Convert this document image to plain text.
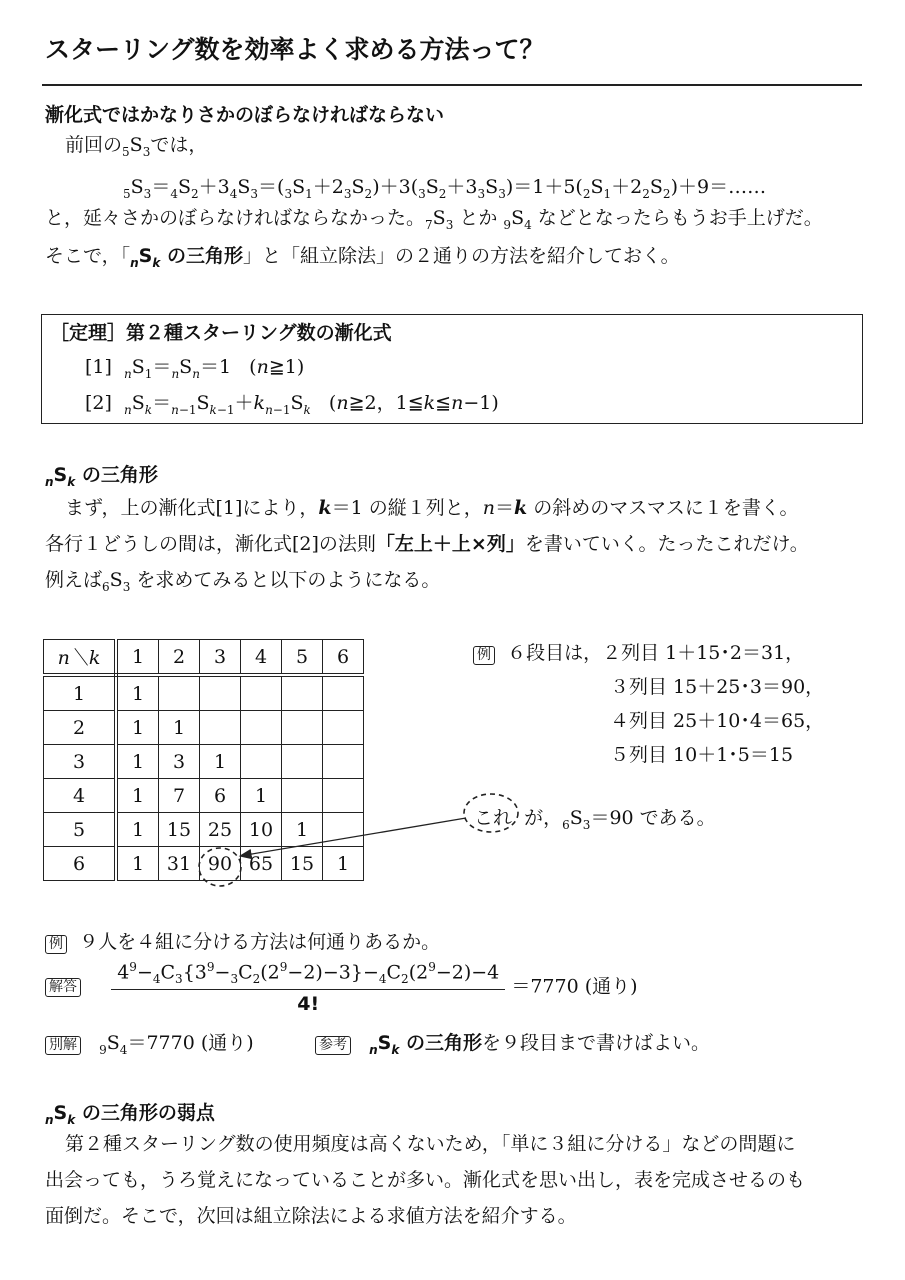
スターリング数を効率よく求める方法って？
漸化式ではかなりさかのぼらなければならない
前回の$_5S_3$では，
$_5S_3=_4S_2+3_4S_3=(_3S_1+2_3S_2)+3(_3S_2+3_3S_3)=1+5(_2S_1+2_2S_2)+9=\dots\dots$
と，延々さかのぼらなければならなかった。$_7S_3$ とか $_9S_4$ などとなったらもうお手上げだ。
そこで，「$_nS_k$ の三角形」と「組立除法」の２通りの方法を紹介しておく。
［定理］第２種スターリング数の漸化式
[1] $_nS_1=_nS_n=1$   (n≧1)
[2] $_nS_k=_{n-1}S_{k-1}+k_{n-1}S_k$   (n≧2，1≦k≦n−1)
$_nS_k$ の三角形
まず，上の漸化式[1]により，k＝1 の縦１列と，n＝k の斜めのマスマスに１を書く。
各行１どうしの間は，漸化式[2]の法則「左上＋上×列」を書いていく。たったこれだけ。
例えば$_6S_3$ を求めてみると以下のようになる。
n＼k	1	2	3	4	5	6
1	1					
2	1	1				
3	1	3	1			
4	1	7	6	1		
5	1	15	25	10	1	
6	1	31	90	65	15	1
例 ６段目は，２列目 1＋15･2＝31，
３列目 15＋25･3＝90，
４列目 25＋10･4＝65，
５列目 10＋1･5＝15
これ が，$_6S_3=90$ である。
例 ９人を４組に分ける方法は何通りあるか。
解答 $\frac{4^9-_4C_3\{3^9-_3C_2(2^9-2)-3\}-_4C_2(2^9-2)-4}{4!} =7770$ (通り)
別解 $_9S_4=7770$ (通り)	参考 $_nS_k$ の三角形を９段目まで書けばよい。
$_nS_k$ の三角形の弱点
第２種スターリング数の使用頻度は高くないため，「単に３組に分ける」などの問題に
出会っても，うろ覚えになっていることが多い。漸化式を思い出し，表を完成させるのも
面倒だ。そこで，次回は組立除法による求値方法を紹介する。
